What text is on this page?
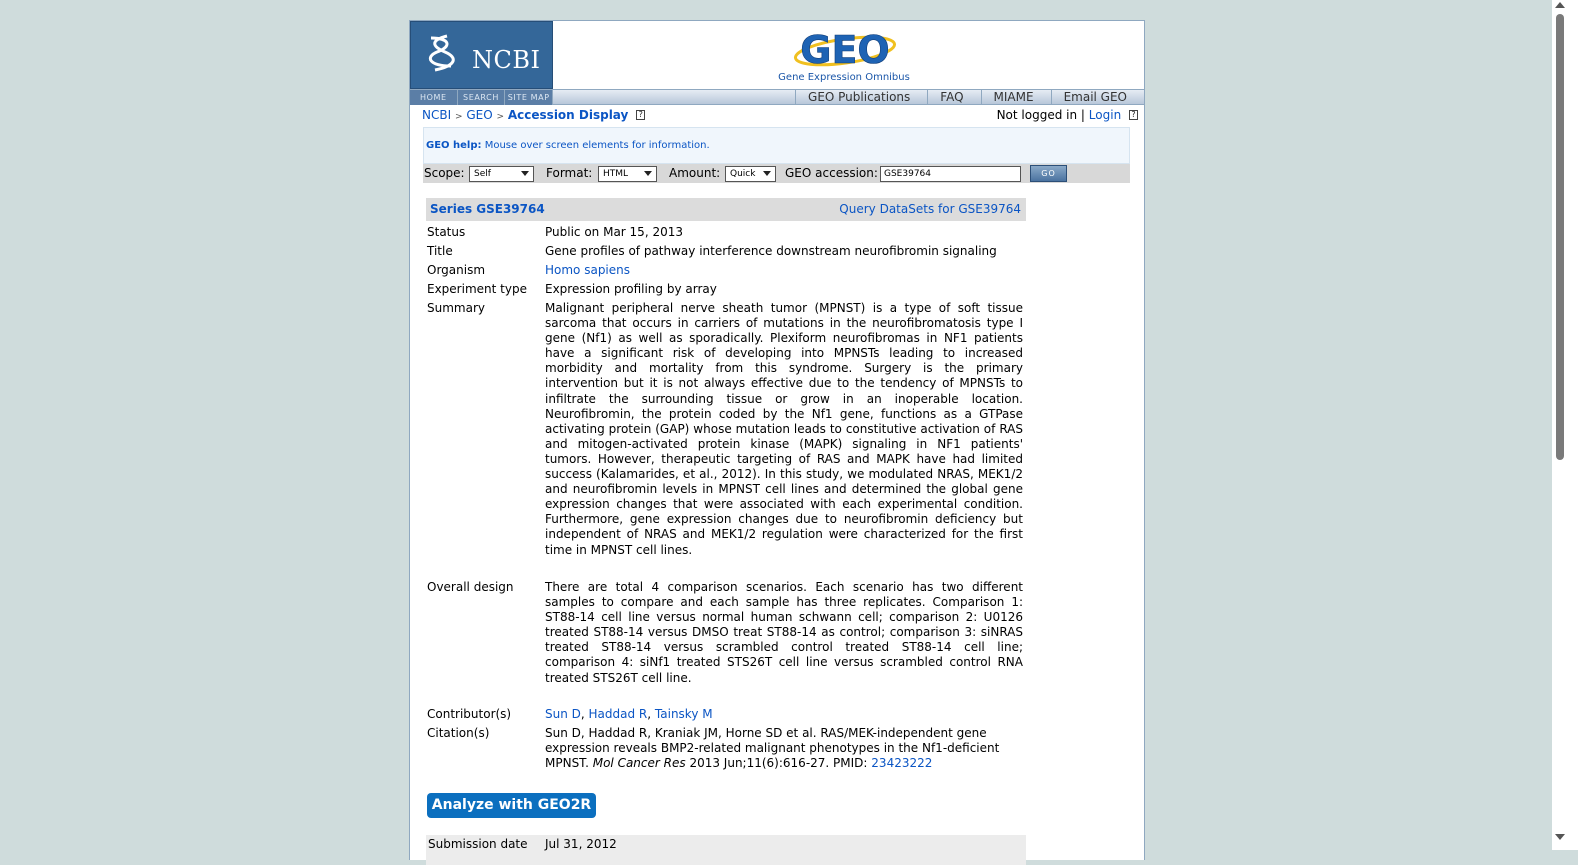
NCBI	GEO
Gene Expression Omnibus
HOME	SEARCH	SITE MAP	GEO Publications	FAQ	MIAME	Email GEO
NCBI > GEO > Accession Display ?	Not logged in | Login ?
GEO help: Mouse over screen elements for information.
Scope:	Self	Format:	HTML	Amount:	Quick	GEO accession: GSE39764	GO
Series GSE39764	Query DataSets for GSE39764
Status	Public on Mar 15, 2013
Title	Gene profiles of pathway interference downstream neurofibromin signaling
Organism	Homo sapiens
Experiment type Expression profiling by array
Summary	Malignant peripheral nerve sheath tumor (MPNST) is a type of soft tissue sarcoma that occurs in carriers of mutations in the neurofibromatosis type I gene (Nf1) as well as sporadically. Plexiform neurofibromas in NF1 patients have a significant risk of developing into MPNSTs leading to increased morbidity and mortality from this syndrome. Surgery is the primary intervention but it is not always effective due to the tendency of MPNSTs to infiltrate the surrounding tissue or grow in an inoperable location. Neurofibromin, the protein coded by the Nf1 gene, functions as a GTPase activating protein (GAP) whose mutation leads to constitutive activation of RAS and mitogen-activated protein kinase (MAPK) signaling in NF1 patients' tumors. However, therapeutic targeting of RAS and MAPK have had limited success (Kalamarides, et al., 2012). In this study, we modulated NRAS, MEK1/2 and neurofibromin levels in MPNST cell lines and determined the global gene expression changes that were associated with each experimental condition. Furthermore, gene expression changes due to neurofibromin deficiency but independent of NRAS and MEK1/2 regulation were characterized for the first time in MPNST cell lines.
Overall design	There are total 4 comparison scenarios. Each scenario has two different samples to compare and each sample has three replicates. Comparison 1: ST88-14 cell line versus normal human schwann cell; comparison 2: U0126 treated ST88-14 versus DMSO treat ST88-14 as control; comparison 3: siNRAS treated ST88-14 versus scrambled control treated ST88-14 cell line; comparison 4: siNf1 treated STS26T cell line versus scrambled control RNA treated STS26T cell line.
Contributor(s)	Sun D, Haddad R, Tainsky M
Citation(s)	Sun D, Haddad R, Kraniak JM, Horne SD et al. RAS/MEK-independent gene expression reveals BMP2-related malignant phenotypes in the Nf1-deficient MPNST. Mol Cancer Res 2013 Jun;11(6):616-27. PMID: 23423222
Analyze with GEO2R
Submission date Jul 31, 2012
